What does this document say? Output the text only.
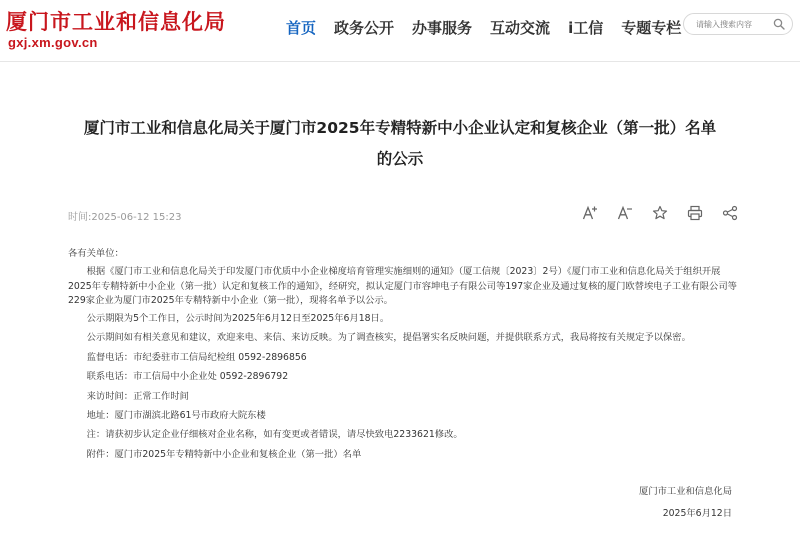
厦门市工业和信息化局
gxj.xm.gov.cn
首页 政务公开 办事服务 互动交流 i工信 专题专栏
请输入搜索内容
厦门市工业和信息化局关于厦门市2025年专精特新中小企业认定和复核企业（第一批）名单的公示
时间:2025-06-12 15:23

各有关单位：

根据《厦门市工业和信息化局关于印发厦门市优质中小企业梯度培育管理实施细则的通知》（厦工信规〔2023〕2号）《厦门市工业和信息化局关于组织开展2025年专精特新中小企业（第一批）认定和复核工作的通知》，经研究，拟认定厦门市容坤电子有限公司等197家企业及通过复核的厦门欧替埃电子工业有限公司等229家企业为厦门市2025年专精特新中小企业（第一批），现将名单予以公示。

公示期限为5个工作日，公示时间为2025年6月12日至2025年6月18日。

公示期间如有相关意见和建议，欢迎来电、来信、来访反映。为了调查核实，提倡署实名反映问题，并提供联系方式，我局将按有关规定予以保密。

监督电话：市纪委驻市工信局纪检组 0592-2896856

联系电话：市工信局中小企业处 0592-2896792

来访时间：正常工作时间

地址：厦门市湖滨北路61号市政府大院东楼

注：请获初步认定企业仔细核对企业名称，如有变更或者错误，请尽快致电2233621修改。

附件：厦门市2025年专精特新中小企业和复核企业（第一批）名单

厦门市工业和信息化局
2025年6月12日
